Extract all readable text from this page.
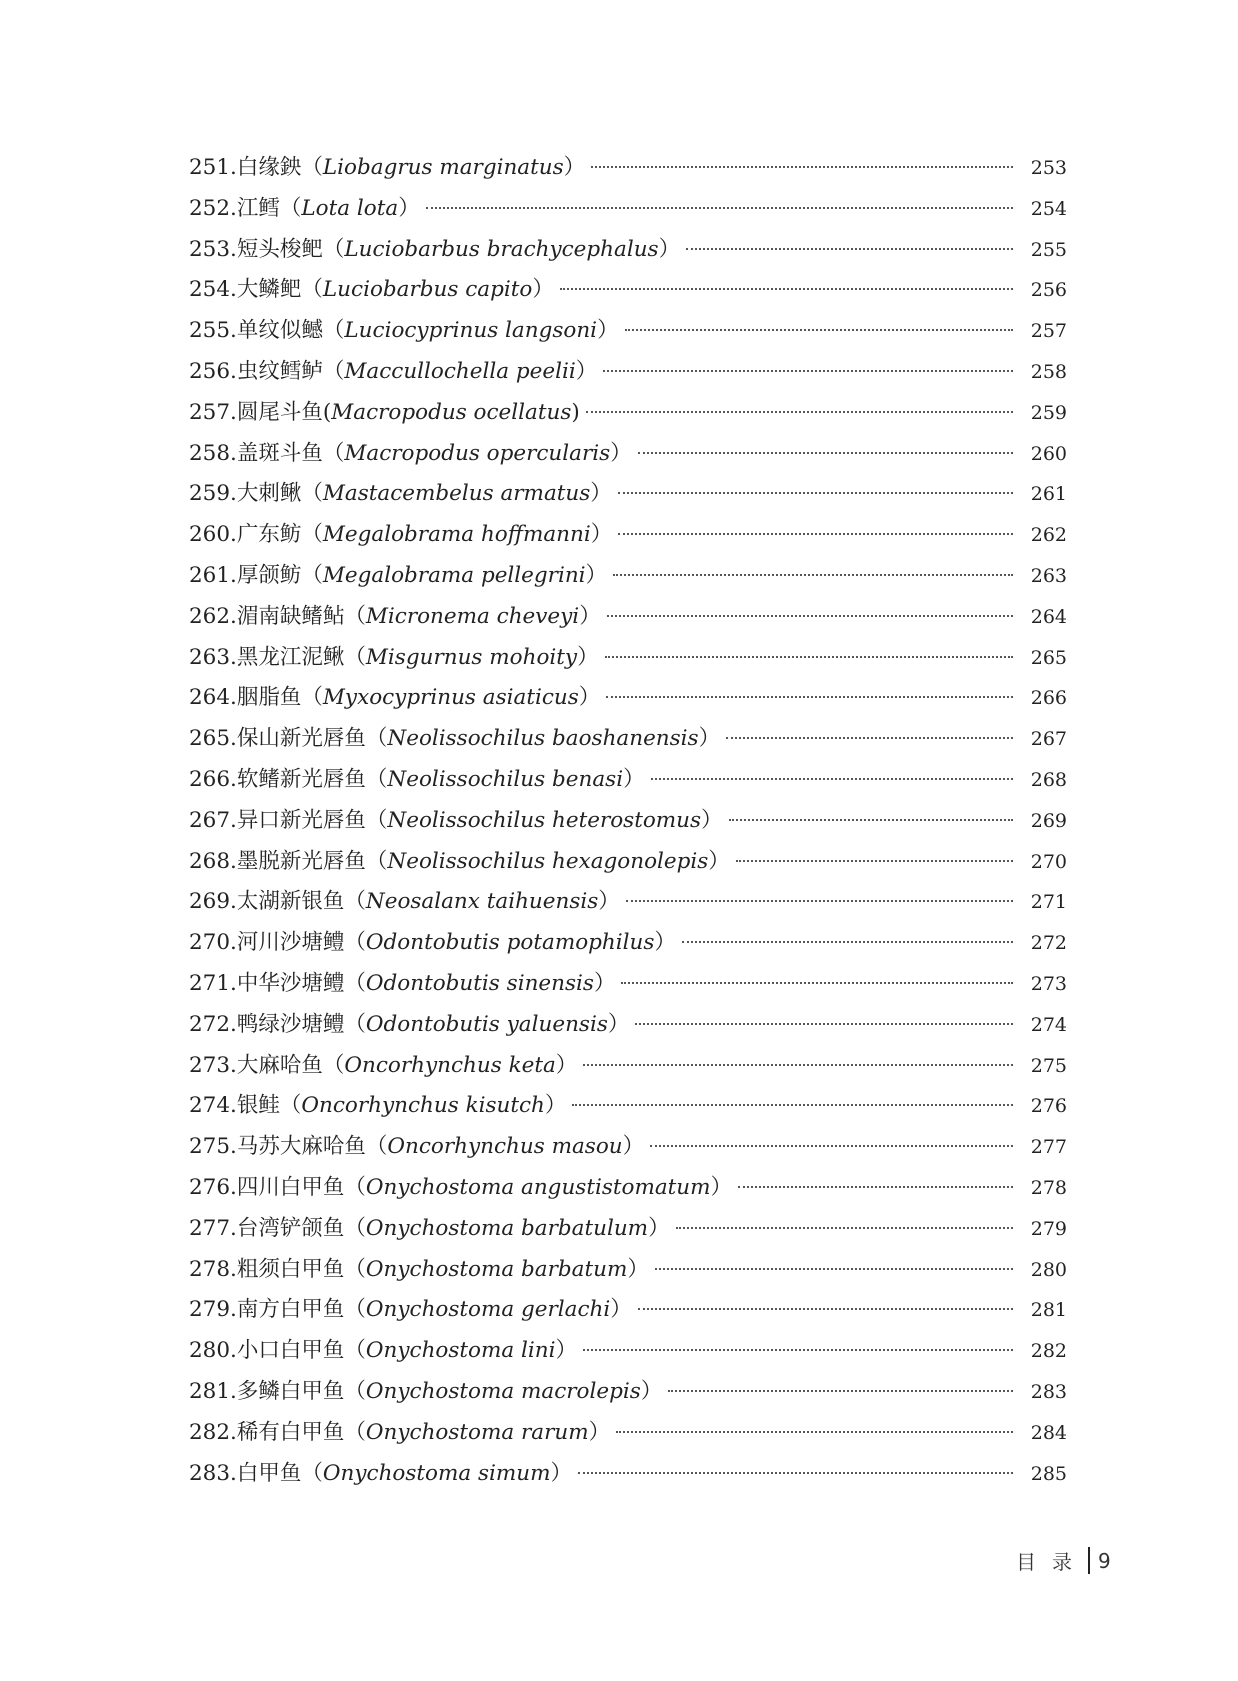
251. 白缘鉠 （ Liobagrus marginatus ）	253
252. 江鳕 （ Lota lota ）	254
253. 短头梭鲃 （ Luciobarbus brachycephalus ）	255
254. 大鳞鲃 （ Luciobarbus capito ）	256
255. 单纹似鳡 （ Luciocyprinus langsoni ）	257
256. 虫纹鳕鲈 （ Maccullochella peelii ）	258
257. 圆尾斗鱼 ( Macropodus ocellatus )	259
258. 盖斑斗鱼 （ Macropodus opercularis ）	260
259. 大刺鳅 （ Mastacembelus armatus ）	261
260. 广东鲂 （ Megalobrama hoffmanni ）	262
261. 厚颌鲂 （ Megalobrama pellegrini ）	263
262. 湄南缺鳍鲇 （ Micronema cheveyi ）	264
263. 黑龙江泥鳅 （ Misgurnus mohoity ）	265
264. 胭脂鱼 （ Myxocyprinus asiaticus ）	266
265. 保山新光唇鱼 （ Neolissochilus baoshanensis ）	267
266. 软鳍新光唇鱼 （ Neolissochilus benasi ）	268
267. 异口新光唇鱼 （ Neolissochilus heterostomus ）	269
268. 墨脱新光唇鱼 （ Neolissochilus hexagonolepis ）	270
269. 太湖新银鱼 （ Neosalanx taihuensis ）	271
270. 河川沙塘鳢 （ Odontobutis potamophilus ）	272
271. 中华沙塘鳢 （ Odontobutis sinensis ）	273
272. 鸭绿沙塘鳢 （ Odontobutis yaluensis ）	274
273. 大麻哈鱼 （ Oncorhynchus keta ）	275
274. 银鲑 （ Oncorhynchus kisutch ）	276
275. 马苏大麻哈鱼 （ Oncorhynchus masou ）	277
276. 四川白甲鱼 （ Onychostoma angustistomatum ）	278
277. 台湾铲颌鱼 （ Onychostoma barbatulum ）	279
278. 粗须白甲鱼 （ Onychostoma barbatum ）	280
279. 南方白甲鱼 （ Onychostoma gerlachi ）	281
280. 小口白甲鱼 （ Onychostoma lini ）	282
281. 多鳞白甲鱼 （ Onychostoma macrolepis ）	283
282. 稀有白甲鱼 （ Onychostoma rarum ）	284
283. 白甲鱼 （ Onychostoma simum ）	285
目录 9
